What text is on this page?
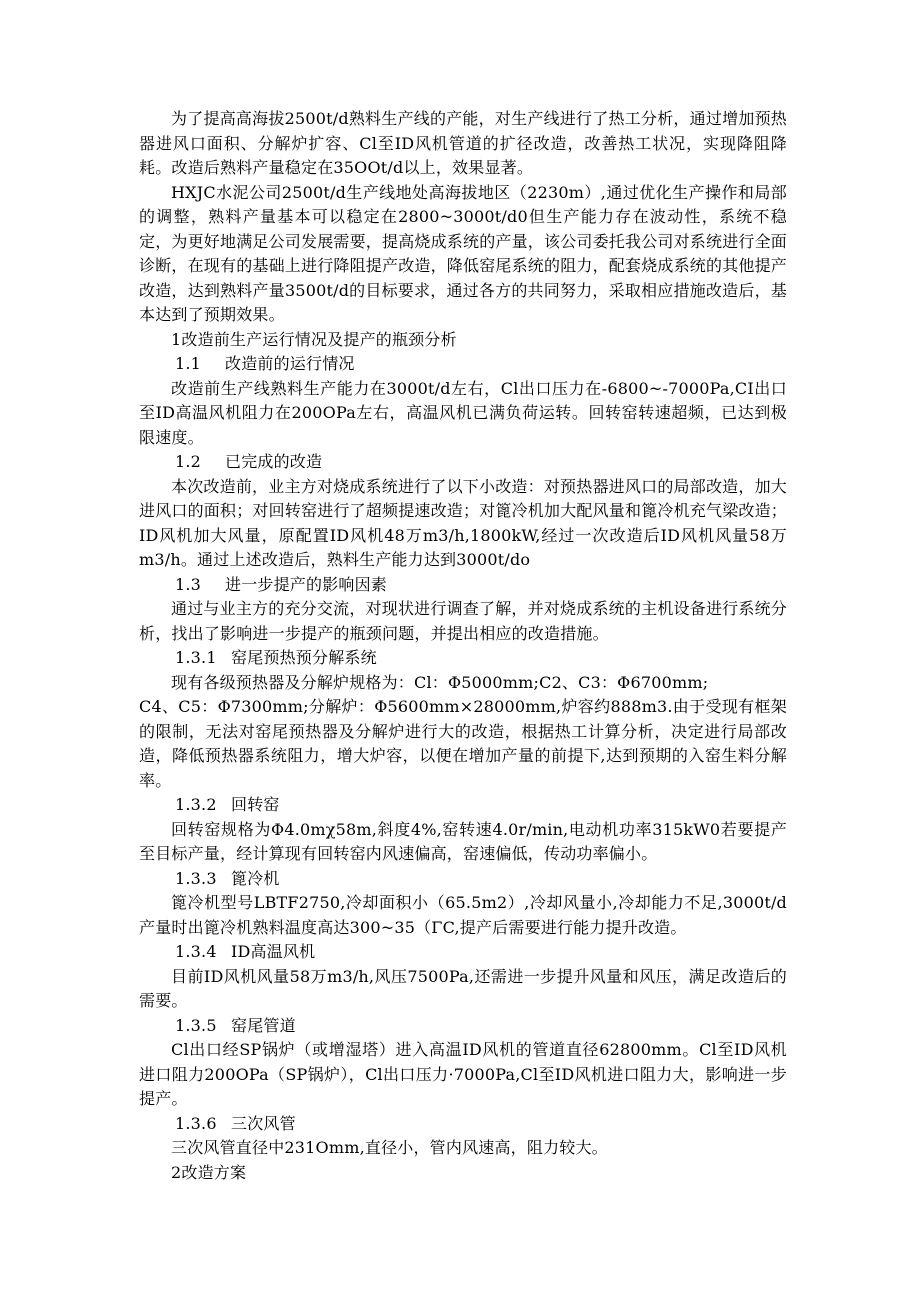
为了提高高海拔2500t/d熟料生产线的产能，对生产线进行了热工分析，通过增加预热器进风口面积、分解炉扩容、Cl至ID风机管道的扩径改造，改善热工状况，实现降阻降耗。改造后熟料产量稳定在35OOt/d以上，效果显著。

HXJC水泥公司2500t/d生产线地处高海拔地区（2230m）,通过优化生产操作和局部的调整，熟料产量基本可以稳定在2800~3000t/d0但生产能力存在波动性，系统不稳定，为更好地满足公司发展需要，提高烧成系统的产量，该公司委托我公司对系统进行全面诊断，在现有的基础上进行降阻提产改造，降低窑尾系统的阻力，配套烧成系统的其他提产改造，达到熟料产量3500t/d的目标要求，通过各方的共同努力，采取相应措施改造后，基本达到了预期效果。

1改造前生产运行情况及提产的瓶颈分析

1.1 改造前的运行情况

改造前生产线熟料生产能力在3000t/d左右，Cl出口压力在-6800~-7000Pa,CI出口至ID高温风机阻力在200OPa左右，高温风机已满负荷运转。回转窑转速超频，已达到极限速度。

1.2 已完成的改造

本次改造前，业主方对烧成系统进行了以下小改造：对预热器进风口的局部改造，加大进风口的面积；对回转窑进行了超频提速改造；对篦冷机加大配风量和篦冷机充气梁改造；ID风机加大风量，原配置ID风机48万m3∕h,1800kW,经过一次改造后ID风机风量58万m3/h。通过上述改造后，熟料生产能力达到3000t/do

1.3 进一步提产的影响因素

通过与业主方的充分交流，对现状进行调查了解，并对烧成系统的主机设备进行系统分析，找出了影响进一步提产的瓶颈问题，并提出相应的改造措施。

1.3.1 窑尾预热预分解系统

现有各级预热器及分解炉规格为：Cl：Φ5000mm;C2、C3：Φ6700mm;

C4、C5：Φ7300mm;分解炉：Φ5600mm×28000mm,炉容约888m3.由于受现有框架的限制，无法对窑尾预热器及分解炉进行大的改造，根据热工计算分析，决定进行局部改造，降低预热器系统阻力，增大炉容，以便在增加产量的前提下,达到预期的入窑生料分解率。

1.3.2 回转窑

回转窑规格为Φ4.0mχ58m,斜度4%,窑转速4.0r/min,电动机功率315kW0若要提产至目标产量，经计算现有回转窑内风速偏高，窑速偏低，传动功率偏小。

1.3.3 篦冷机

篦冷机型号LBTF2750,冷却面积小（65.5m2）,冷却风量小,冷却能力不足,3000t/d产量时出篦冷机熟料温度高达300~35（ΓC,提产后需要进行能力提升改造。

1.3.4 ID高温风机

目前ID风机风量58万m3∕h,风压7500Pa,还需进一步提升风量和风压，满足改造后的需要。

1.3.5 窑尾管道

Cl出口经SP锅炉（或增湿塔）进入高温ID风机的管道直径62800mm。Cl至ID风机进口阻力200OPa（SP锅炉），Cl出口压力·7000Pa,Cl至ID风机进口阻力大，影响进一步提产。

1.3.6 三次风管

三次风管直径中231Omm,直径小，管内风速高，阻力较大。

2改造方案
